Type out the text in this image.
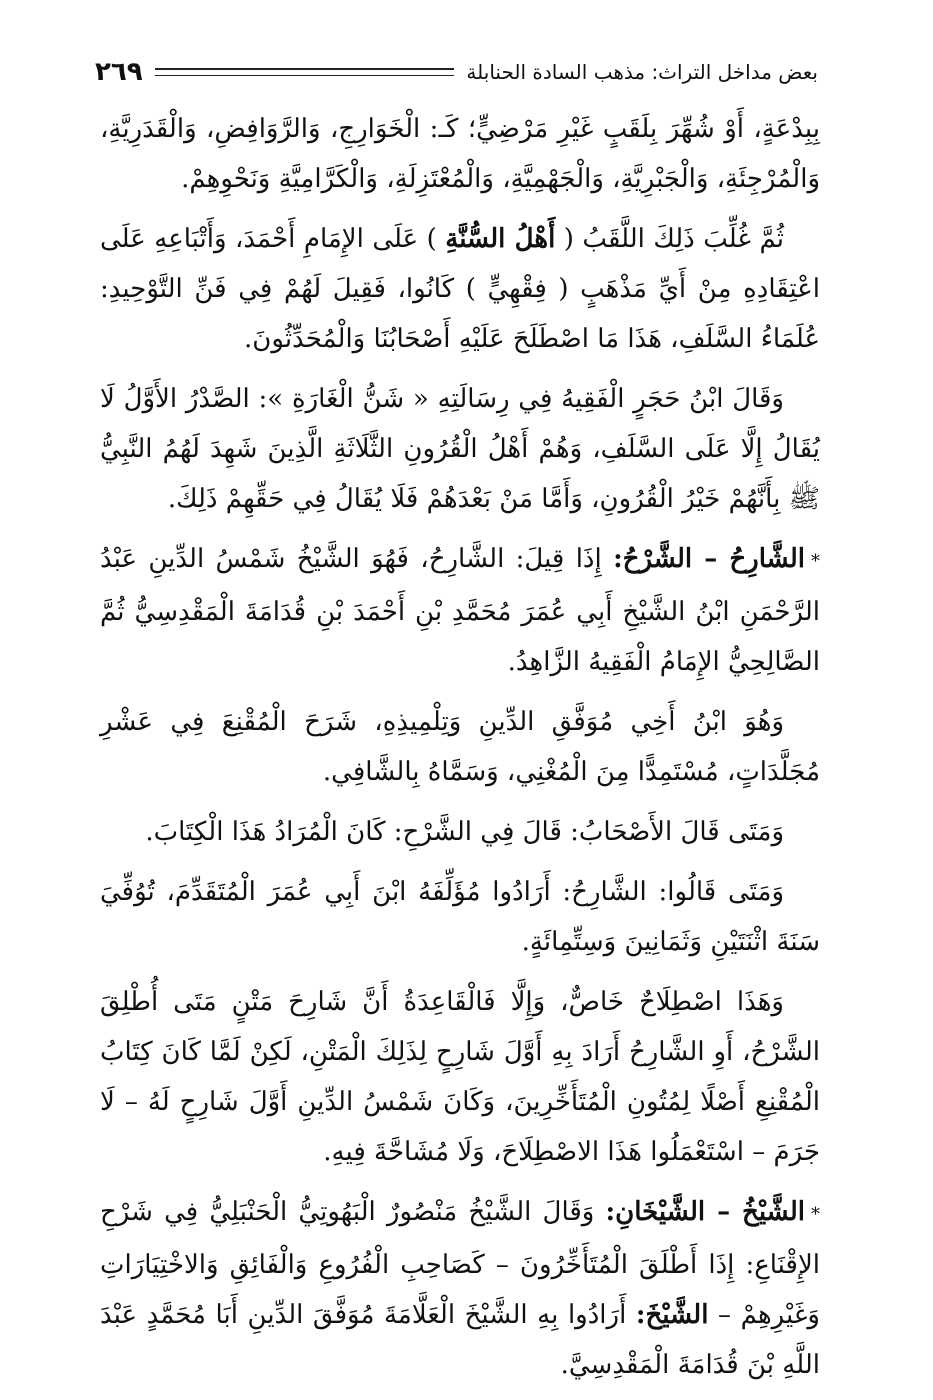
بعض مداخل التراث: مذهب السادة الحنابلة
٢٦٩

بِبِدْعَةٍ، أَوْ شُهِّرَ بِلَقَبٍ غَيْرِ مَرْضِيٍّ؛ كَـ: الْخَوَارِجِ، وَالرَّوَافِضِ، وَالْقَدَرِيَّةِ، وَالْمُرْجِئَةِ، وَالْجَبْرِيَّةِ، وَالْجَهْمِيَّةِ، وَالْمُعْتَزِلَةِ، وَالْكَرَّامِيَّةِ وَنَحْوِهِمْ.

ثُمَّ غُلِّبَ ذَلِكَ اللَّقَبُ ( أَهْلُ السُّنَّةِ ) عَلَى الإِمَامِ أَحْمَدَ، وَأَتْبَاعِهِ عَلَى اعْتِقَادِهِ مِنْ أَيِّ مَذْهَبٍ ( فِقْهِيٍّ ) كَانُوا، فَقِيلَ لَهُمْ فِي فَنِّ التَّوْحِيدِ: عُلَمَاءُ السَّلَفِ، هَذَا مَا اصْطَلَحَ عَلَيْهِ أَصْحَابُنَا وَالْمُحَدِّثُونَ.

وَقَالَ ابْنُ حَجَرٍ الْفَقِيهُ فِي رِسَالَتِهِ « شَنُّ الْغَارَةِ »: الصَّدْرُ الأَوَّلُ لَا يُقَالُ إِلَّا عَلَى السَّلَفِ، وَهُمْ أَهْلُ الْقُرُونِ الثَّلَاثَةِ الَّذِينَ شَهِدَ لَهُمُ النَّبِيُّ ﷺ بِأَنَّهُمْ خَيْرُ الْقُرُونِ، وَأَمَّا مَنْ بَعْدَهُمْ فَلَا يُقَالُ فِي حَقِّهِمْ ذَلِكَ.

*الشَّارِحُ – الشَّرْحُ: إِذَا قِيلَ: الشَّارِحُ، فَهُوَ الشَّيْخُ شَمْسُ الدِّينِ عَبْدُ الرَّحْمَنِ ابْنُ الشَّيْخِ أَبِي عُمَرَ مُحَمَّدِ بْنِ أَحْمَدَ بْنِ قُدَامَةَ الْمَقْدِسِيُّ ثُمَّ الصَّالِحِيُّ الإِمَامُ الْفَقِيهُ الزَّاهِدُ.

وَهُوَ ابْنُ أَخِي مُوَفَّقِ الدِّينِ وَتِلْمِيذِهِ، شَرَحَ الْمُقْنِعَ فِي عَشْرِ مُجَلَّدَاتٍ، مُسْتَمِدًّا مِنَ الْمُغْنِي، وَسَمَّاهُ بِالشَّافِي.

وَمَتَى قَالَ الأَصْحَابُ: قَالَ فِي الشَّرْحِ: كَانَ الْمُرَادُ هَذَا الْكِتَابَ.

وَمَتَى قَالُوا: الشَّارِحُ: أَرَادُوا مُؤَلِّفَهُ ابْنَ أَبِي عُمَرَ الْمُتَقَدِّمَ، تُوُفِّيَ سَنَةَ اثْنَتَيْنِ وَثَمَانِينَ وَسِتِّمِائَةٍ.

وَهَذَا اصْطِلَاحٌ خَاصٌّ، وَإِلَّا فَالْقَاعِدَةُ أَنَّ شَارِحَ مَتْنٍ مَتَى أُطْلِقَ الشَّرْحُ، أَوِ الشَّارِحُ أَرَادَ بِهِ أَوَّلَ شَارِحٍ لِذَلِكَ الْمَتْنِ، لَكِنْ لَمَّا كَانَ كِتَابُ الْمُقْنِعِ أَصْلًا لِمُتُونِ الْمُتَأَخِّرِينَ، وَكَانَ شَمْسُ الدِّينِ أَوَّلَ شَارِحٍ لَهُ – لَا جَرَمَ – اسْتَعْمَلُوا هَذَا الاصْطِلَاحَ، وَلَا مُشَاحَّةَ فِيهِ.

*الشَّيْخُ – الشَّيْخَانِ: وَقَالَ الشَّيْخُ مَنْصُورٌ الْبَهُوتِيُّ الْحَنْبَلِيُّ فِي شَرْحِ الإِقْنَاعِ: إِذَا أَطْلَقَ الْمُتَأَخِّرُونَ – كَصَاحِبِ الْفُرُوعِ وَالْفَائِقِ وَالاخْتِيَارَاتِ وَغَيْرِهِمْ – الشَّيْخَ: أَرَادُوا بِهِ الشَّيْخَ الْعَلَّامَةَ مُوَفَّقَ الدِّينِ أَبَا مُحَمَّدٍ عَبْدَ اللَّهِ بْنَ قُدَامَةَ الْمَقْدِسِيَّ.
